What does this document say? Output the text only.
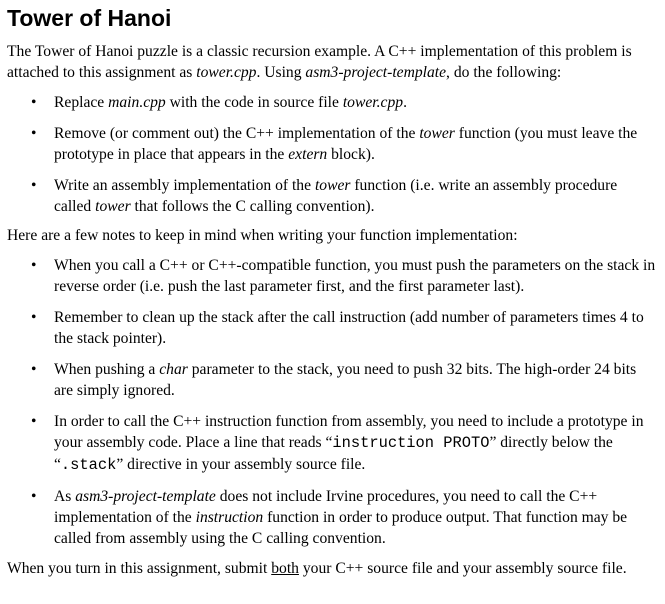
Tower of Hanoi

The Tower of Hanoi puzzle is a classic recursion example. A C++ implementation of this problem is
attached to this assignment as tower.cpp. Using asm3-project-template, do the following:

• Replace main.cpp with the code in source file tower.cpp.
• Remove (or comment out) the C++ implementation of the tower function (you must leave the
prototype in place that appears in the extern block).
• Write an assembly implementation of the tower function (i.e. write an assembly procedure
called tower that follows the C calling convention).

Here are a few notes to keep in mind when writing your function implementation:

• When you call a C++ or C++-compatible function, you must push the parameters on the stack in
reverse order (i.e. push the last parameter first, and the first parameter last).
• Remember to clean up the stack after the call instruction (add number of parameters times 4 to
the stack pointer).
• When pushing a char parameter to the stack, you need to push 32 bits. The high-order 24 bits
are simply ignored.
• In order to call the C++ instruction function from assembly, you need to include a prototype in
your assembly code. Place a line that reads “instruction PROTO” directly below the
“.stack” directive in your assembly source file.
• As asm3-project-template does not include Irvine procedures, you need to call the C++
implementation of the instruction function in order to produce output. That function may be
called from assembly using the C calling convention.

When you turn in this assignment, submit both your C++ source file and your assembly source file.
